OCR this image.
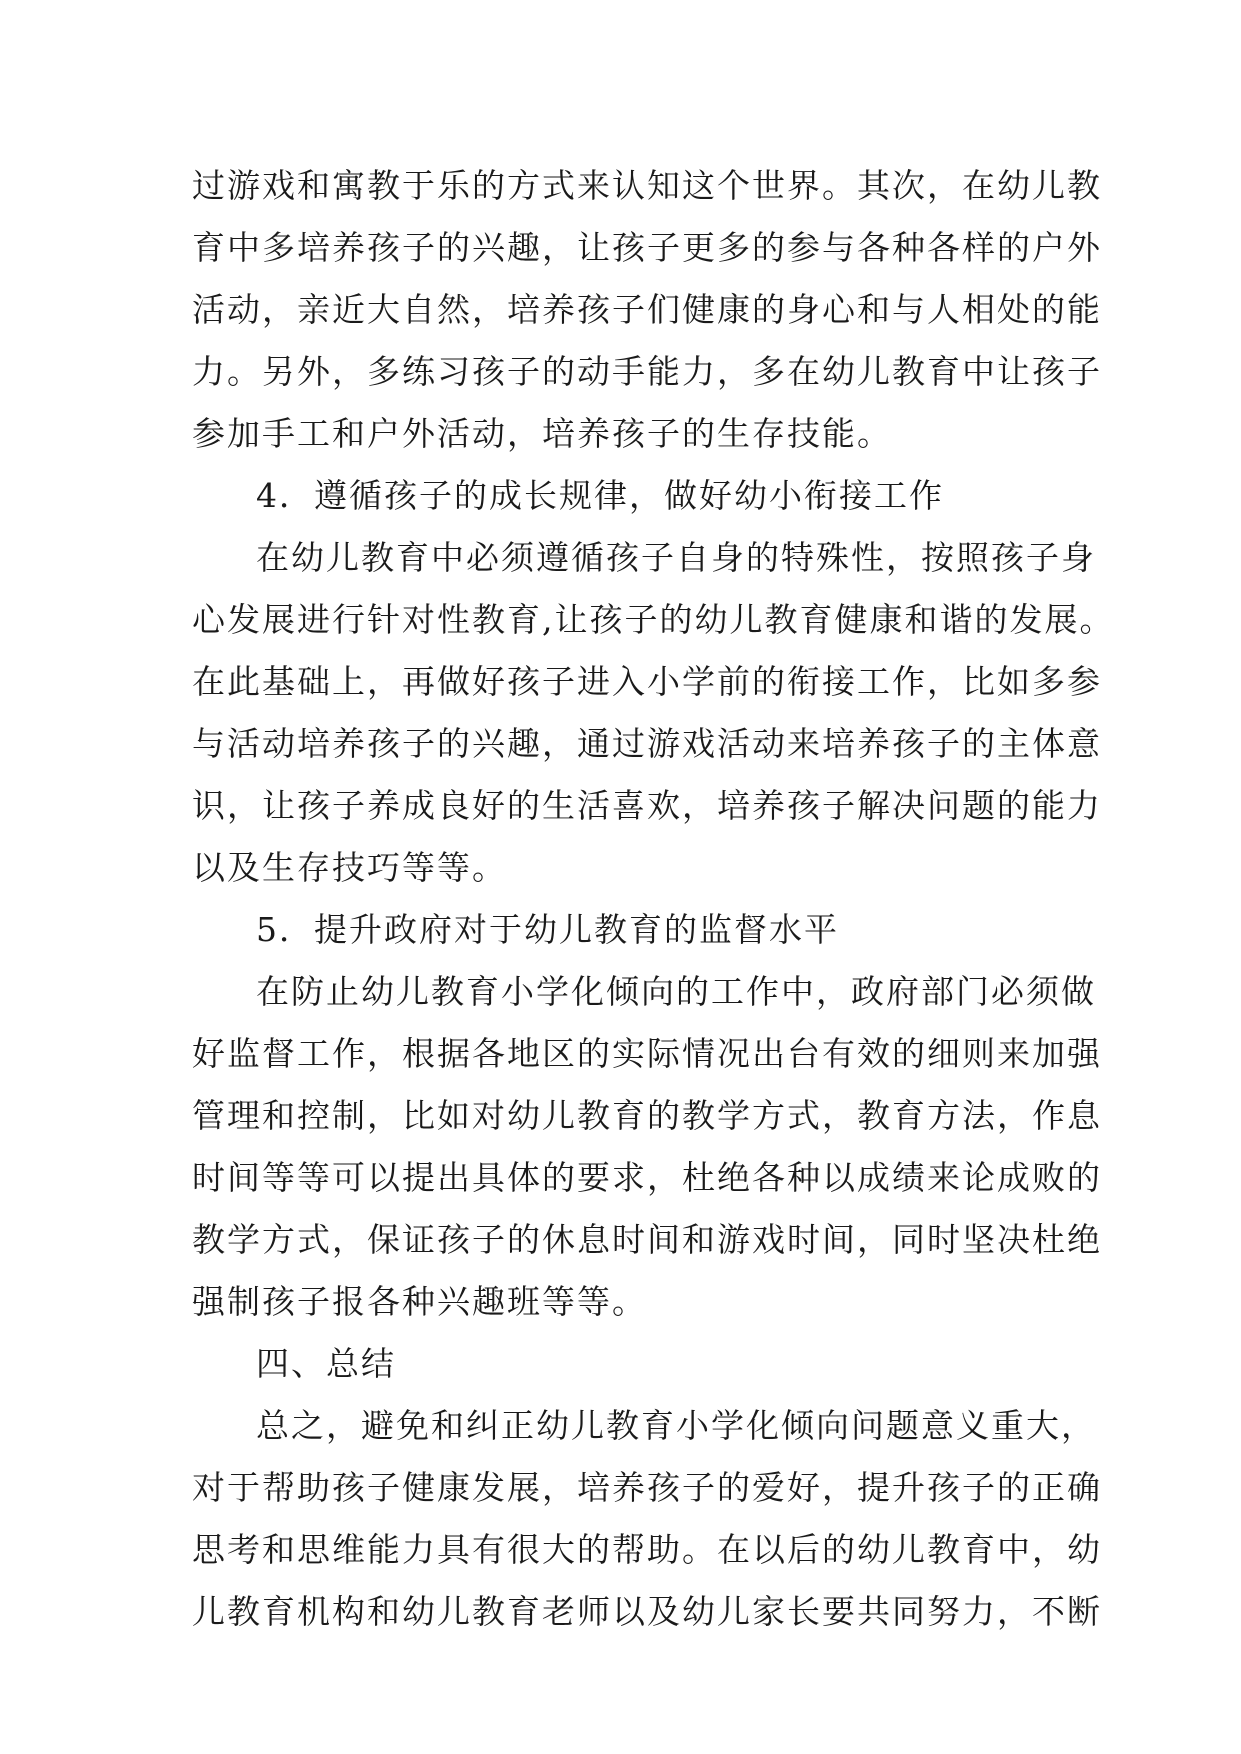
过游戏和寓教于乐的方式来认知这个世界。其次，在幼儿教
育中多培养孩子的兴趣，让孩子更多的参与各种各样的户外
活动，亲近大自然，培养孩子们健康的身心和与人相处的能
力。另外，多练习孩子的动手能力，多在幼儿教育中让孩子
参加手工和户外活动，培养孩子的生存技能。
4．遵循孩子的成长规律，做好幼小衔接工作
在幼儿教育中必须遵循孩子自身的特殊性，按照孩子身
心发展进行针对性教育,让孩子的幼儿教育健康和谐的发展。
在此基础上，再做好孩子进入小学前的衔接工作，比如多参
与活动培养孩子的兴趣，通过游戏活动来培养孩子的主体意
识，让孩子养成良好的生活喜欢，培养孩子解决问题的能力
以及生存技巧等等。
5．提升政府对于幼儿教育的监督水平
在防止幼儿教育小学化倾向的工作中，政府部门必须做
好监督工作，根据各地区的实际情况出台有效的细则来加强
管理和控制，比如对幼儿教育的教学方式，教育方法，作息
时间等等可以提出具体的要求，杜绝各种以成绩来论成败的
教学方式，保证孩子的休息时间和游戏时间，同时坚决杜绝
强制孩子报各种兴趣班等等。
四、总结
总之，避免和纠正幼儿教育小学化倾向问题意义重大，
对于帮助孩子健康发展，培养孩子的爱好，提升孩子的正确
思考和思维能力具有很大的帮助。在以后的幼儿教育中，幼
儿教育机构和幼儿教育老师以及幼儿家长要共同努力，不断
